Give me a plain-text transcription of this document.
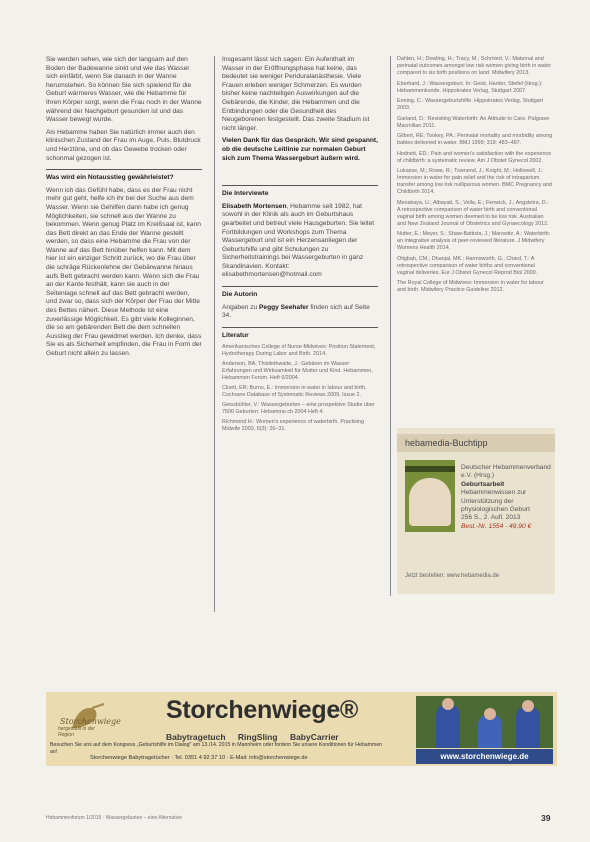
Sie werden sehen, wie sich der langsam auf den Boden der Badewanne sinkt und wie das Wasser sich einfärbt, wenn Sie danach in der Wanne herumstehen. So können Sie sich spielend für die Geburt wärmeres Wasser, wie die Hebamme für Ihren Körper sorgt, wenn die Frau noch in der Wanne während der Nachgeburt gesunden ist und das Wasser bewegt wurde.

Als Hebamme haben Sie natürlich immer auch den klinischen Zustand der Frau im Auge, Puls, Blutdruck und Herztöne, und ob das Gewebe trocken oder schonmal gezogen ist.

Was wird ein Notausstieg gewährleistet?

Wenn ich das Gefühl habe, dass es der Frau nicht mehr gut geht, helfe ich ihr bei der Suche aus dem Wasser. Wenn sie Gehilfen dann habe ich genug Möglichkeiten, sie schnell aus der Wanne zu bekommen. Wenn genug Platz im Kreißsaal ist, kann das Bett direkt an das Ende der Wanne gestellt werden, so dass eine Hebamme die Frau von der Wanne auf das Bett hinüber helfen kann. Mit dem hier ist ein einziger Schritt zurück, wo die Frau über die schräge Rückenlehne der Gebärwanne hinaus aufs Bett gebracht werden kann. Wenn sich die Frau an der Kante festhält, kann sie auch in der Seitenlage schnell auf das Bett gebracht werden, und zwar so, dass sich der Körper der Frau der Mitte des Bettes nähert. Diese Methode ist eine zuverlässige Möglichkeit. Es gibt viele Kolleginnen, die so am gebärenden Bett die dem schnellen Ausstieg der Frau gewidmet werden. Ich denke, dass Sie es als Sicherheit empfinden, die Frau in Form der Geburt nicht allein zu lassen.

Insgesamt lässt sich sagen: Ein Aufenthalt im Wasser in der Eröffnungsphase hat keine, das bedeutet sie weniger Periduralanästhesie. Viele Frauen erleben weniger Schmerzen. Es wurden bisher keine nachteiligen Auswirkungen auf die Gebärende, die Kinder, die Hebammen und die Entbindungen oder die Gesundheit des Neugeborenen festgestellt. Das zweite Stadium ist nicht länger.

Vielen Dank für das Gespräch. Wir sind gespannt, ob die deutsche Leitlinie zur normalen Geburt sich zum Thema Wassergeburt äußern wird.

Die Interviewte

Elisabeth Mortensen, Hebamme seit 1982, hat sowohl in der Klinik als auch im Geburtshaus gearbeitet und betreut viele Hausgeburten. Sie leitet Fortbildungen und Workshops zum Thema Wassergeburt und ist ein Herzensanliegen der Geburtshilfe und gibt Schulungen zu Sicherheitstrainings bei Wassergeburten in ganz Skandinavien. Kontakt: elisabethmortensen@hotmail.com

Die Autorin

Angaben zu Peggy Seehafer finden sich auf Seite 34.

Literatur

Amerikanisches College of Nurse-Midwives: Position Statement, Hydrotherapy During Labor and Birth. 2014.

Anderson, BA; Thistlethwaite, J.: Gebären im Wasser: Erfahrungen und Wirksamkeit für Mutter und Kind. Hebammen, Hebammen Forum. Heft 6/2004.

Cluett, ER; Burns, E.: Immersion in water in labour and birth. Cochrane Database of Systematic Reviews 2009, Issue 2.

Geissbühler, V.: Wassergeburten – eine prospektive Studie über 7500 Geburten: Hebamme.ch 2004 Heft 4.

Richmond H.: Women's experience of waterbirth. Practising Midwife 2003, 6(3): 26–31.

Dahlen, H.; Dowling, H.; Tracy, M.; Schmied, V.: Maternal and perinatal outcomes amongst low risk women giving birth in water compared to six birth positions on land. Midwifery 2013.

Eberhard, J.: Wassergeburt. In: Geist, Harder, Stiefel (Hrsg.): Hebammenkunde. Hippokrates Verlag, Stuttgart 2007.

Enning, C.: Wassergeburtshilfe. Hippokrates Verlag, Stuttgart 2003.

Garland, D.: Revisiting Waterbirth: An Attitude to Care. Palgrave Macmillan 2011.

Gilbert, RE; Tookey, PA.: Perinatal mortality and morbidity among babies delivered in water. BMJ 1999; 319: 483–487.

Hodnett, ED.: Pain and women's satisfaction with the experience of childbirth: a systematic review. Am J Obstet Gynecol 2002.

Lukasse, M.; Rowe, R.; Townend, J.; Knight, M.; Hollowell, J.: Immersion in water for pain relief and the risk of intrapartum transfer among low risk nulliparous women. BMC Pregnancy and Childbirth 2014.

Menakaya, U.; Albayati, S.; Vella, E.; Fenwick, J.; Angstetra, D.: A retrospective comparison of water birth and conventional vaginal birth among women deemed to be low risk. Australian and New Zealand Journal of Obstetrics and Gynaecology 2012.

Nutter, E.; Meyer, S.; Shaw-Battista, J.; Marowitz, A.: Waterbirth: an integrative analysis of peer-reviewed literature. J Midwifery Womens Health 2014.

Otigbah, CM.; Dhanjal, MK.; Harmsworth, G.; Chard, T.: A retrospective comparison of water births and conventional vaginal deliveries. Eur J Obstet Gynecol Reprod Biol 2000.

The Royal College of Midwives: Immersion in water for labour and birth. Midwifery Practice Guideline 2012.

hebamedia-Buchtipp
Deutscher Hebammenverband e.V. (Hrsg.)
Geburtsarbeit
Hebammenwissen zur Unterstützung der physiologischen Geburt
256 S., 2. Aufl. 2013
Best.-Nr. 1554 · 49,90 €
Jetzt bestellen: www.hebamedia.de
Storchenwiege
hergestellt in der Region
Storchenwiege®
Babytragetuch RingSling BabyCarrier
Besuchen Sie uns auf dem Kongress „Geburtshilfe im Dialog" am 13./14. 2015 in Mannheim oder fordern Sie unsere Konditionen für Hebammen an!
Storchenwiege Babytragetücher · Tel. 0351 4 92 37 10 · E-Mail: info@storchenwiege.de	www.storchenwiege.de
Hebammenforum 1/2015 · Wassergeburten – eine Alternative	39
